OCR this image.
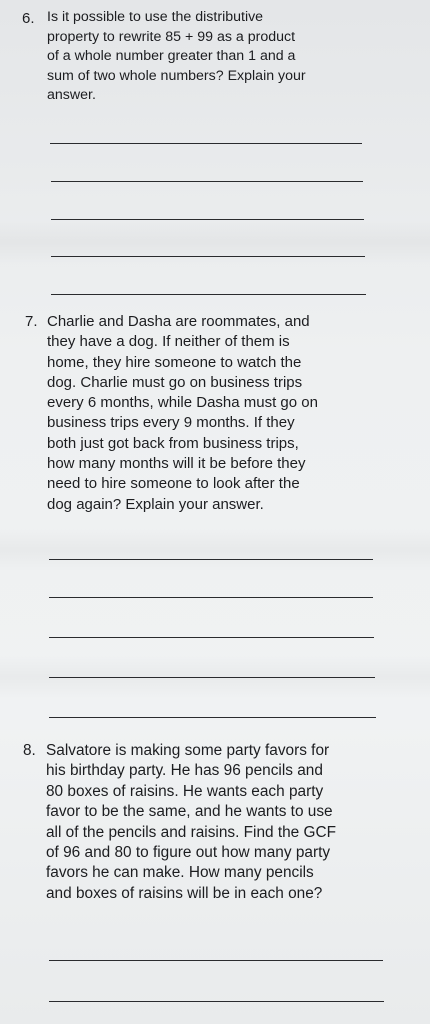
6. Is it possible to use the distributive
property to rewrite 85 + 99 as a product
of a whole number greater than 1 and a
sum of two whole numbers? Explain your
answer.
7. Charlie and Dasha are roommates, and
they have a dog. If neither of them is
home, they hire someone to watch the
dog. Charlie must go on business trips
every 6 months, while Dasha must go on
business trips every 9 months. If they
both just got back from business trips,
how many months will it be before they
need to hire someone to look after the
dog again? Explain your answer.
8. Salvatore is making some party favors for
his birthday party. He has 96 pencils and
80 boxes of raisins. He wants each party
favor to be the same, and he wants to use
all of the pencils and raisins. Find the GCF
of 96 and 80 to figure out how many party
favors he can make. How many pencils
and boxes of raisins will be in each one?
